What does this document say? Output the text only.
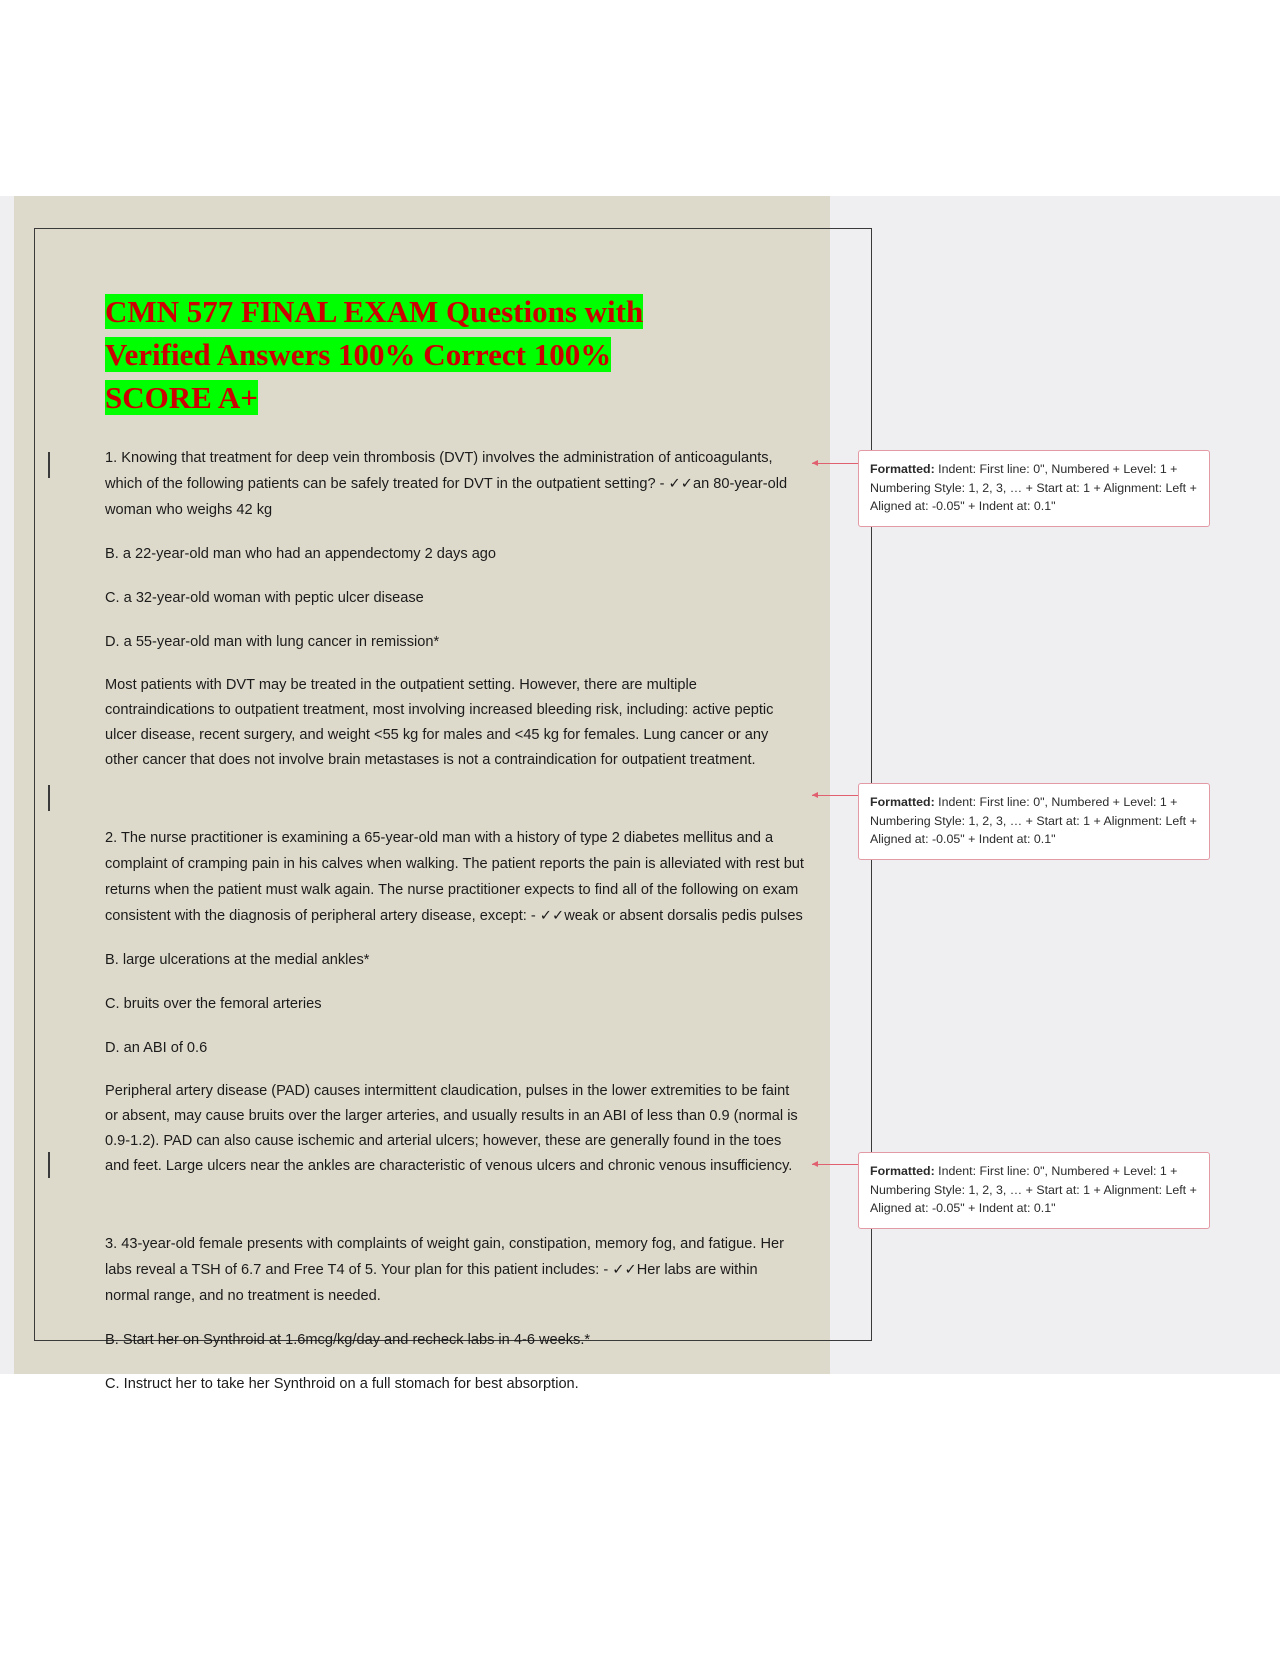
CMN 577 FINAL EXAM Questions with
Verified Answers 100% Correct 100%
SCORE A+

1. Knowing that treatment for deep vein thrombosis (DVT) involves the administration of anticoagulants, which of the following patients can be safely treated for DVT in the outpatient setting? - ✓✓an 80-year-old woman who weighs 42 kg

B. a 22-year-old man who had an appendectomy 2 days ago

C. a 32-year-old woman with peptic ulcer disease

D. a 55-year-old man with lung cancer in remission*

Most patients with DVT may be treated in the outpatient setting. However, there are multiple contraindications to outpatient treatment, most involving increased bleeding risk, including: active peptic ulcer disease, recent surgery, and weight <55 kg for males and <45 kg for females. Lung cancer or any other cancer that does not involve brain metastases is not a contraindication for outpatient treatment.

2. The nurse practitioner is examining a 65-year-old man with a history of type 2 diabetes mellitus and a complaint of cramping pain in his calves when walking. The patient reports the pain is alleviated with rest but returns when the patient must walk again. The nurse practitioner expects to find all of the following on exam consistent with the diagnosis of peripheral artery disease, except: - ✓✓weak or absent dorsalis pedis pulses

B. large ulcerations at the medial ankles*

C. bruits over the femoral arteries

D. an ABI of 0.6

Peripheral artery disease (PAD) causes intermittent claudication, pulses in the lower extremities to be faint or absent, may cause bruits over the larger arteries, and usually results in an ABI of less than 0.9 (normal is 0.9-1.2). PAD can also cause ischemic and arterial ulcers; however, these are generally found in the toes and feet. Large ulcers near the ankles are characteristic of venous ulcers and chronic venous insufficiency.

3. 43-year-old female presents with complaints of weight gain, constipation, memory fog, and fatigue. Her labs reveal a TSH of 6.7 and Free T4 of 5. Your plan for this patient includes: - ✓✓Her labs are within normal range, and no treatment is needed.

B. Start her on Synthroid at 1.6mcg/kg/day and recheck labs in 4-6 weeks.*

C. Instruct her to take her Synthroid on a full stomach for best absorption.

Formatted: Indent: First line: 0", Numbered + Level: 1 + Numbering Style: 1, 2, 3, … + Start at: 1 + Alignment: Left + Aligned at: -0.05" + Indent at: 0.1"
Formatted: Indent: First line: 0", Numbered + Level: 1 + Numbering Style: 1, 2, 3, … + Start at: 1 + Alignment: Left + Aligned at: -0.05" + Indent at: 0.1"
Formatted: Indent: First line: 0", Numbered + Level: 1 + Numbering Style: 1, 2, 3, … + Start at: 1 + Alignment: Left + Aligned at: -0.05" + Indent at: 0.1"
